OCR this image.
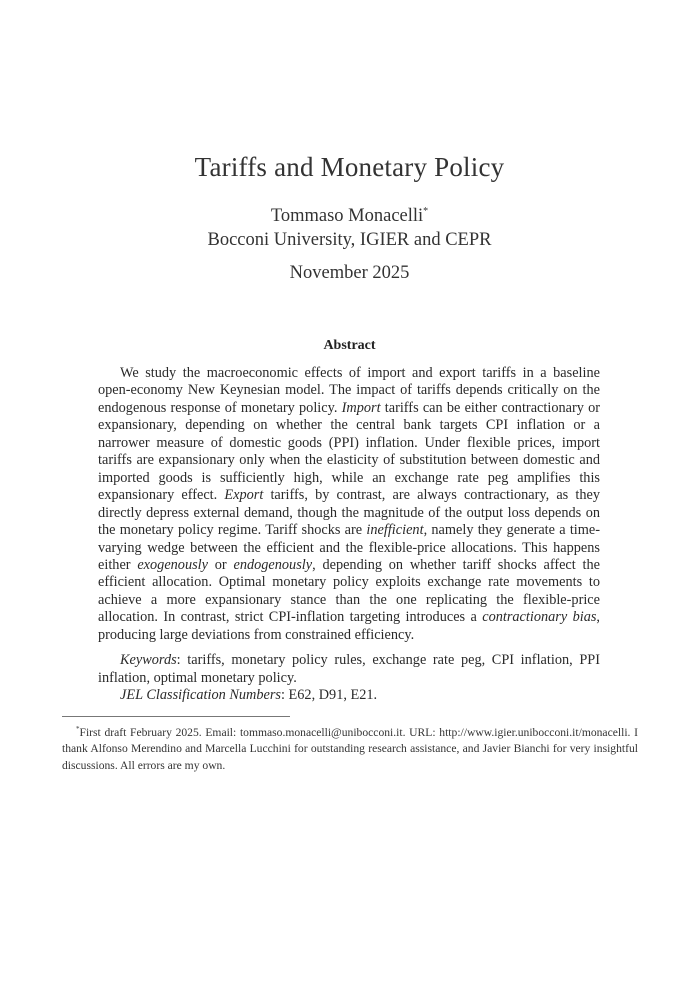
Tariffs and Monetary Policy
Tommaso Monacelli*
Bocconi University, IGIER and CEPR
November 2025
Abstract

We study the macroeconomic effects of import and export tariffs in a baseline open-economy New Keynesian model. The impact of tariffs depends critically on the endogenous response of monetary policy. Import tariffs can be either contractionary or expansionary, depending on whether the central bank targets CPI inflation or a narrower measure of domestic goods (PPI) inflation. Under flexible prices, import tariffs are expansionary only when the elasticity of substitution between domestic and imported goods is sufficiently high, while an exchange rate peg amplifies this expansionary effect. Export tariffs, by contrast, are always contractionary, as they directly depress external demand, though the magnitude of the output loss depends on the monetary policy regime. Tariff shocks are inefficient, namely they generate a time-varying wedge between the efficient and the flexible-price allocations. This happens either exogenously or endogenously, depending on whether tariff shocks affect the efficient allocation. Optimal monetary policy exploits exchange rate movements to achieve a more expansionary stance than the one replicating the flexible-price allocation. In contrast, strict CPI-inflation targeting introduces a contractionary bias, producing large deviations from constrained efficiency.

Keywords: tariffs, monetary policy rules, exchange rate peg, CPI inflation, PPI inflation, optimal monetary policy.

JEL Classification Numbers: E62, D91, E21.

*First draft February 2025. Email: tommaso.monacelli@unibocconi.it. URL: http://www.igier.unibocconi.it/monacelli. I thank Alfonso Merendino and Marcella Lucchini for outstanding research assistance, and Javier Bianchi for very insightful discussions. All errors are my own.
